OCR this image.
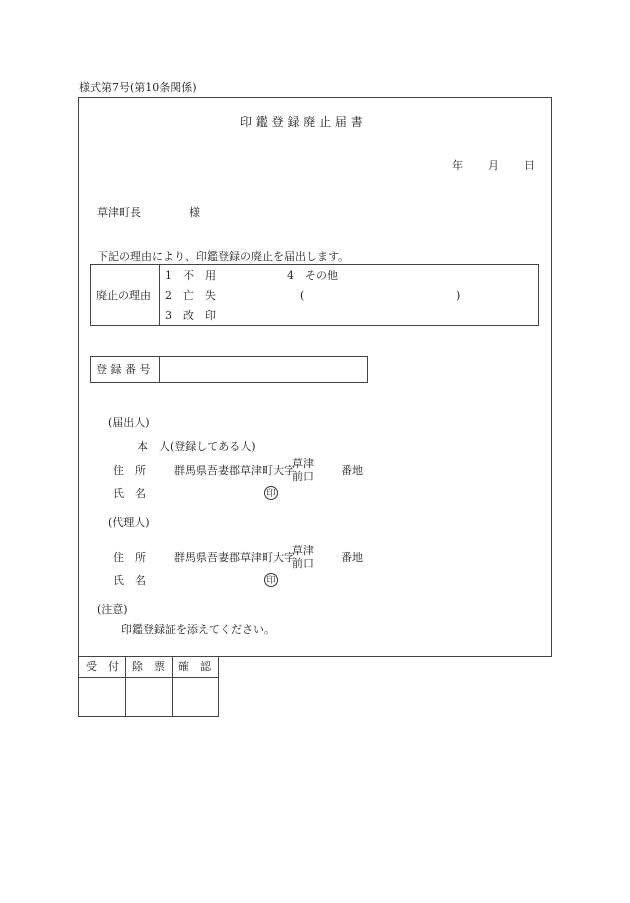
様式第7号(第10条関係)
印 鑑 登 録 廃 止 届 書
年 月 日
草津町長	様
下記の理由により、印鑑登録の廃止を届出します。
廃止の理由
1 不　用
2 亡　失
3 改　印
4 その他
(	)
登 録 番 号
(届出人)
本　人(登録してある人)
住　所	群馬県吾妻郡草津町大字
草津
前口 番地
氏　名	印
(代理人)
住　所	群馬県吾妻郡草津町大字
草津
前口 番地
氏　名	印
(注意)
印鑑登録証を添えてください。
受　付 除　票 確　認
